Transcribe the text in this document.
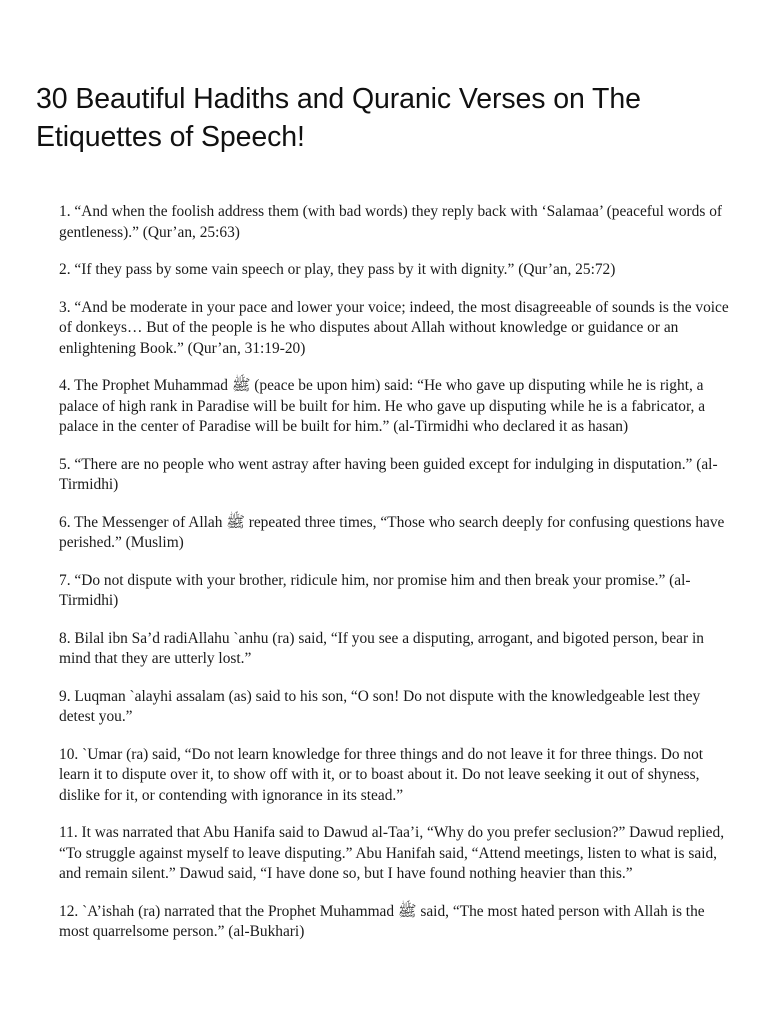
30 Beautiful Hadiths and Quranic Verses on The Etiquettes of Speech!
1. “And when the foolish address them (with bad words) they reply back with ‘Salamaa’ (peaceful words of gentleness).” (Qur’an, 25:63)
2. “If they pass by some vain speech or play, they pass by it with dignity.” (Qur’an, 25:72)
3. “And be moderate in your pace and lower your voice; indeed, the most disagreeable of sounds is the voice of donkeys… But of the people is he who disputes about Allah without knowledge or guidance or an enlightening Book.” (Qur’an, 31:19-20)
4. The Prophet Muhammad ﷺ (peace be upon him) said: “He who gave up disputing while he is right, a palace of high rank in Paradise will be built for him. He who gave up disputing while he is a fabricator, a palace in the center of Paradise will be built for him.” (al-Tirmidhi who declared it as hasan)
5. “There are no people who went astray after having been guided except for indulging in disputation.” (al-Tirmidhi)
6. The Messenger of Allah ﷺ repeated three times, “Those who search deeply for confusing questions have perished.” (Muslim)
7. “Do not dispute with your brother, ridicule him, nor promise him and then break your promise.” (al-Tirmidhi)
8. Bilal ibn Sa’d radiAllahu `anhu (ra) said, “If you see a disputing, arrogant, and bigoted person, bear in mind that they are utterly lost.”
9. Luqman `alayhi assalam (as) said to his son, “O son! Do not dispute with the knowledgeable lest they detest you.”
10. `Umar (ra) said, “Do not learn knowledge for three things and do not leave it for three things. Do not learn it to dispute over it, to show off with it, or to boast about it. Do not leave seeking it out of shyness, dislike for it, or contending with ignorance in its stead.”
11. It was narrated that Abu Hanifa said to Dawud al-Taa’i, “Why do you prefer seclusion?” Dawud replied, “To struggle against myself to leave disputing.” Abu Hanifah said, “Attend meetings, listen to what is said, and remain silent.” Dawud said, “I have done so, but I have found nothing heavier than this.”
12. `A’ishah (ra) narrated that the Prophet Muhammad ﷺ said, “The most hated person with Allah is the most quarrelsome person.” (al-Bukhari)
